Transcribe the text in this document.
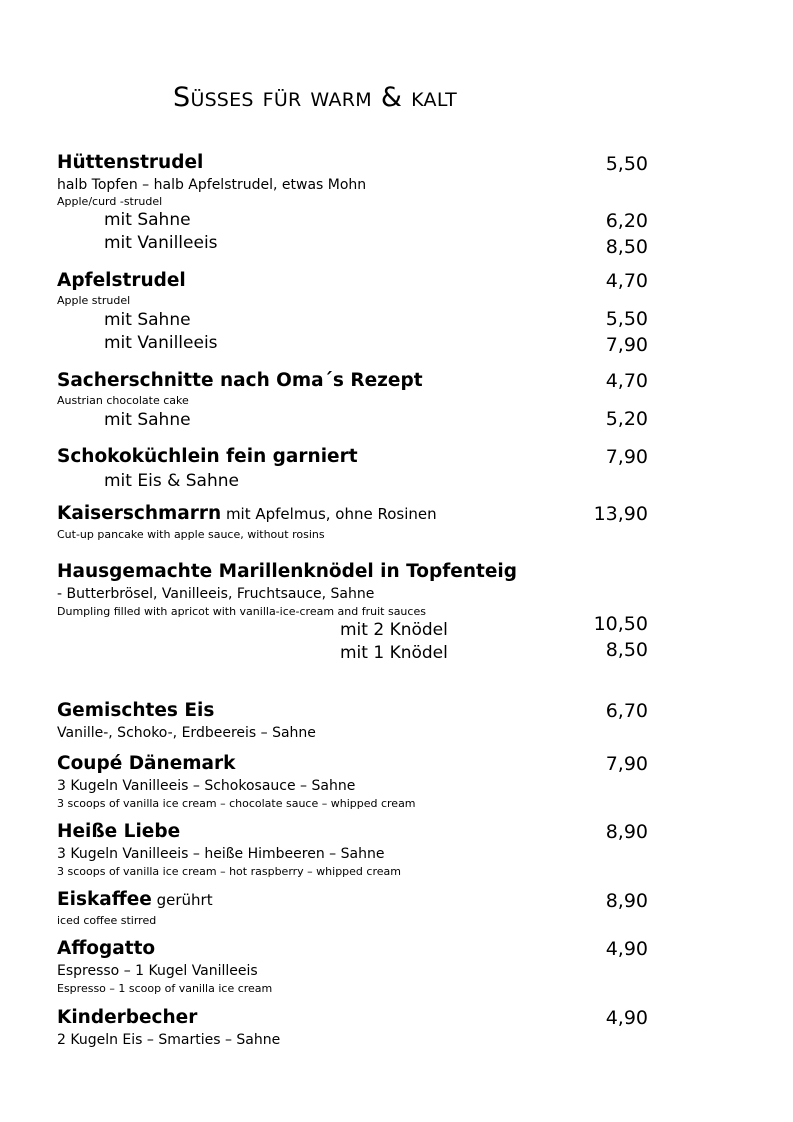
Süßes für warm & kalt
Hüttenstrudel	5,50
halb Topfen – halb Apfelstrudel, etwas Mohn
Apple/curd -strudel
mit Sahne	6,20
mit Vanilleeis	8,50
Apfelstrudel	4,70
Apple strudel
mit Sahne	5,50
mit Vanilleeis	7,90
Sacherschnitte nach Oma´s Rezept	4,70
Austrian chocolate cake
mit Sahne	5,20
Schokoküchlein fein garniert	7,90
mit Eis & Sahne
Kaiserschmarrn mit Apfelmus, ohne Rosinen	13,90
Cut-up pancake with apple sauce, without rosins
Hausgemachte Marillenknödel in Topfenteig
- Butterbrösel, Vanilleeis, Fruchtsauce, Sahne
Dumpling filled with apricot with vanilla-ice-cream and fruit sauces
mit 2 Knödel	10,50
mit 1 Knödel	8,50
Gemischtes Eis	6,70
Vanille-, Schoko-, Erdbeereis – Sahne
Coupé Dänemark	7,90
3 Kugeln Vanilleeis – Schokosauce – Sahne
3 scoops of vanilla ice cream – chocolate sauce – whipped cream
Heiße Liebe	8,90
3 Kugeln Vanilleeis – heiße Himbeeren – Sahne
3 scoops of vanilla ice cream – hot raspberry – whipped cream
Eiskaffee gerührt	8,90
iced coffee stirred
Affogatto	4,90
Espresso – 1 Kugel Vanilleeis
Espresso – 1 scoop of vanilla ice cream
Kinderbecher	4,90
2 Kugeln Eis – Smarties – Sahne
